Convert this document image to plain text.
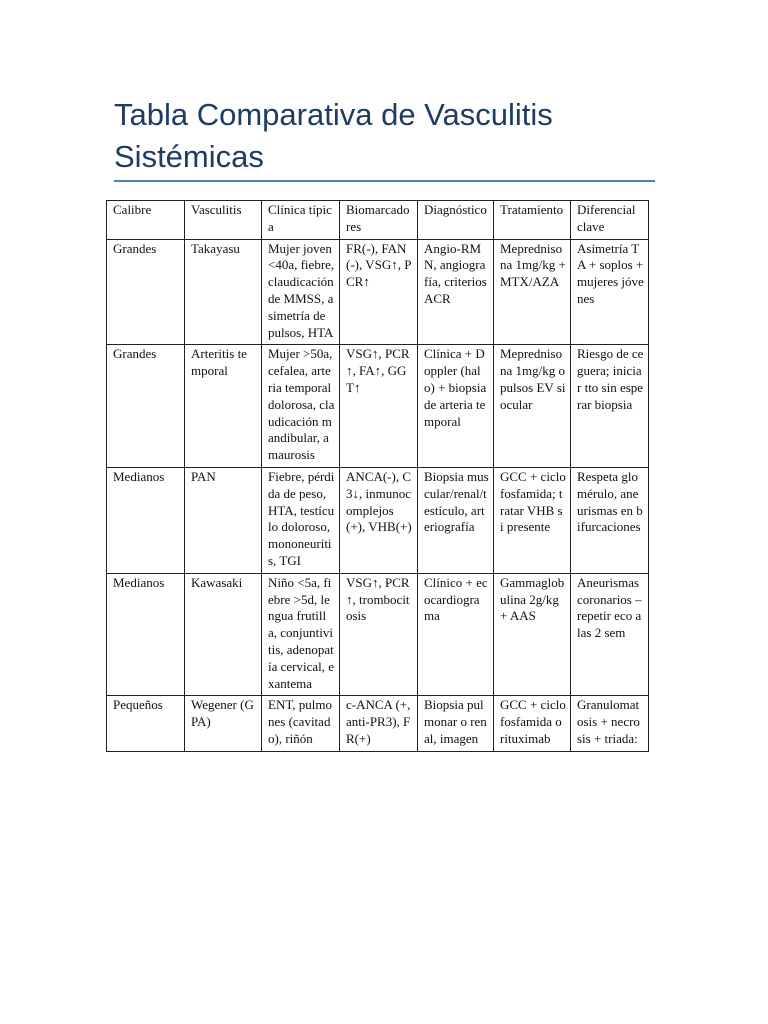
Tabla Comparativa de Vasculitis
Sistémicas
Calibre	Vasculitis	Clínica típica	Biomarcadores	Diagnóstico	Tratamiento	Diferencial clave
Grandes	Takayasu	Mujer joven <40a, fiebre, claudicación de MMSS, asimetría de pulsos, HTA	FR(-), FAN(-), VSG↑, PCR↑	Angio-RMN, angiografía, criterios ACR	Meprednisona 1mg/kg + MTX/AZA	Asimetría TA + soplos + mujeres jóvenes
Grandes	Arteritis temporal	Mujer >50a, cefalea, arteria temporal dolorosa, claudicación mandibular, amaurosis	VSG↑, PCR↑, FA↑, GGT↑	Clínica + Doppler (halo) + biopsia de arteria temporal	Meprednisona 1mg/kg o pulsos EV si ocular	Riesgo de ceguera; iniciar tto sin esperar biopsia
Medianos	PAN	Fiebre, pérdida de peso, HTA, testículo doloroso, mononeuritis, TGI	ANCA(-), C3↓, inmunocomplejos (+), VHB(+)	Biopsia muscular/renal/testículo, arteriografía	GCC + ciclofosfamida; tratar VHB si presente	Respeta glomérulo, aneurismas en bifurcaciones
Medianos	Kawasaki	Niño <5a, fiebre >5d, lengua frutilla, conjuntivitis, adenopatía cervical, exantema	VSG↑, PCR↑, trombocitosis	Clínico + ecocardiograma	Gammaglobulina 2g/kg + AAS	Aneurismas coronarios – repetir eco a las 2 sem
Pequeños	Wegener (GPA)	ENT, pulmones (cavitado), riñón	c-ANCA (+, anti-PR3), FR(+)	Biopsia pulmonar o renal, imagen	GCC + ciclofosfamida o rituximab	Granulomatosis + necrosis + triada:
